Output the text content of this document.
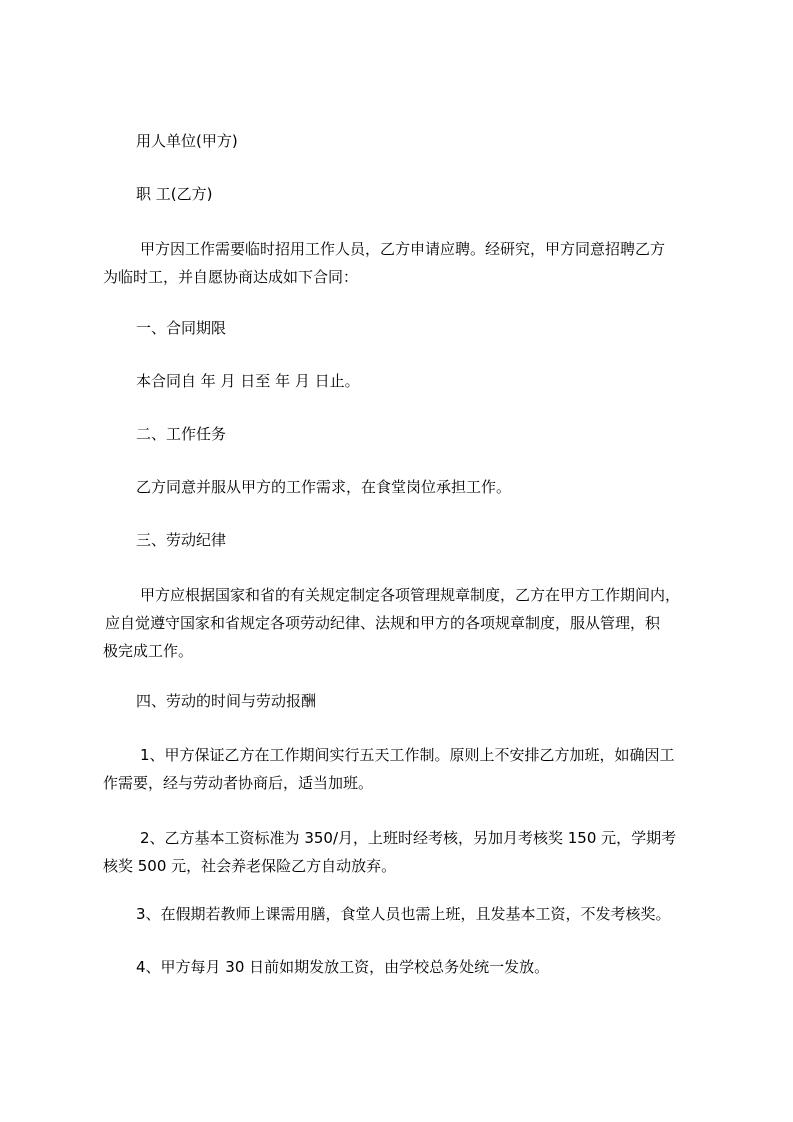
用人单位(甲方)
职 工(乙方)

甲方因工作需要临时招用工作人员，乙方申请应聘。经研究，甲方同意招聘乙方

为临时工，并自愿协商达成如下合同：

一、合同期限
本合同自 年 月 日至 年 月 日止。
二、工作任务
乙方同意并服从甲方的工作需求，在食堂岗位承担工作。
三、劳动纪律

甲方应根据国家和省的有关规定制定各项管理规章制度，乙方在甲方工作期间内，

应自觉遵守国家和省规定各项劳动纪律、法规和甲方的各项规章制度，服从管理，积

极完成工作。

四、劳动的时间与劳动报酬

1、甲方保证乙方在工作期间实行五天工作制。原则上不安排乙方加班，如确因工

作需要，经与劳动者协商后，适当加班。

2、乙方基本工资标准为 350/月，上班时经考核，另加月考核奖 150 元，学期考

核奖 500 元，社会养老保险乙方自动放弃。

3、在假期若教师上课需用膳，食堂人员也需上班，且发基本工资，不发考核奖。
4、甲方每月 30 日前如期发放工资，由学校总务处统一发放。
